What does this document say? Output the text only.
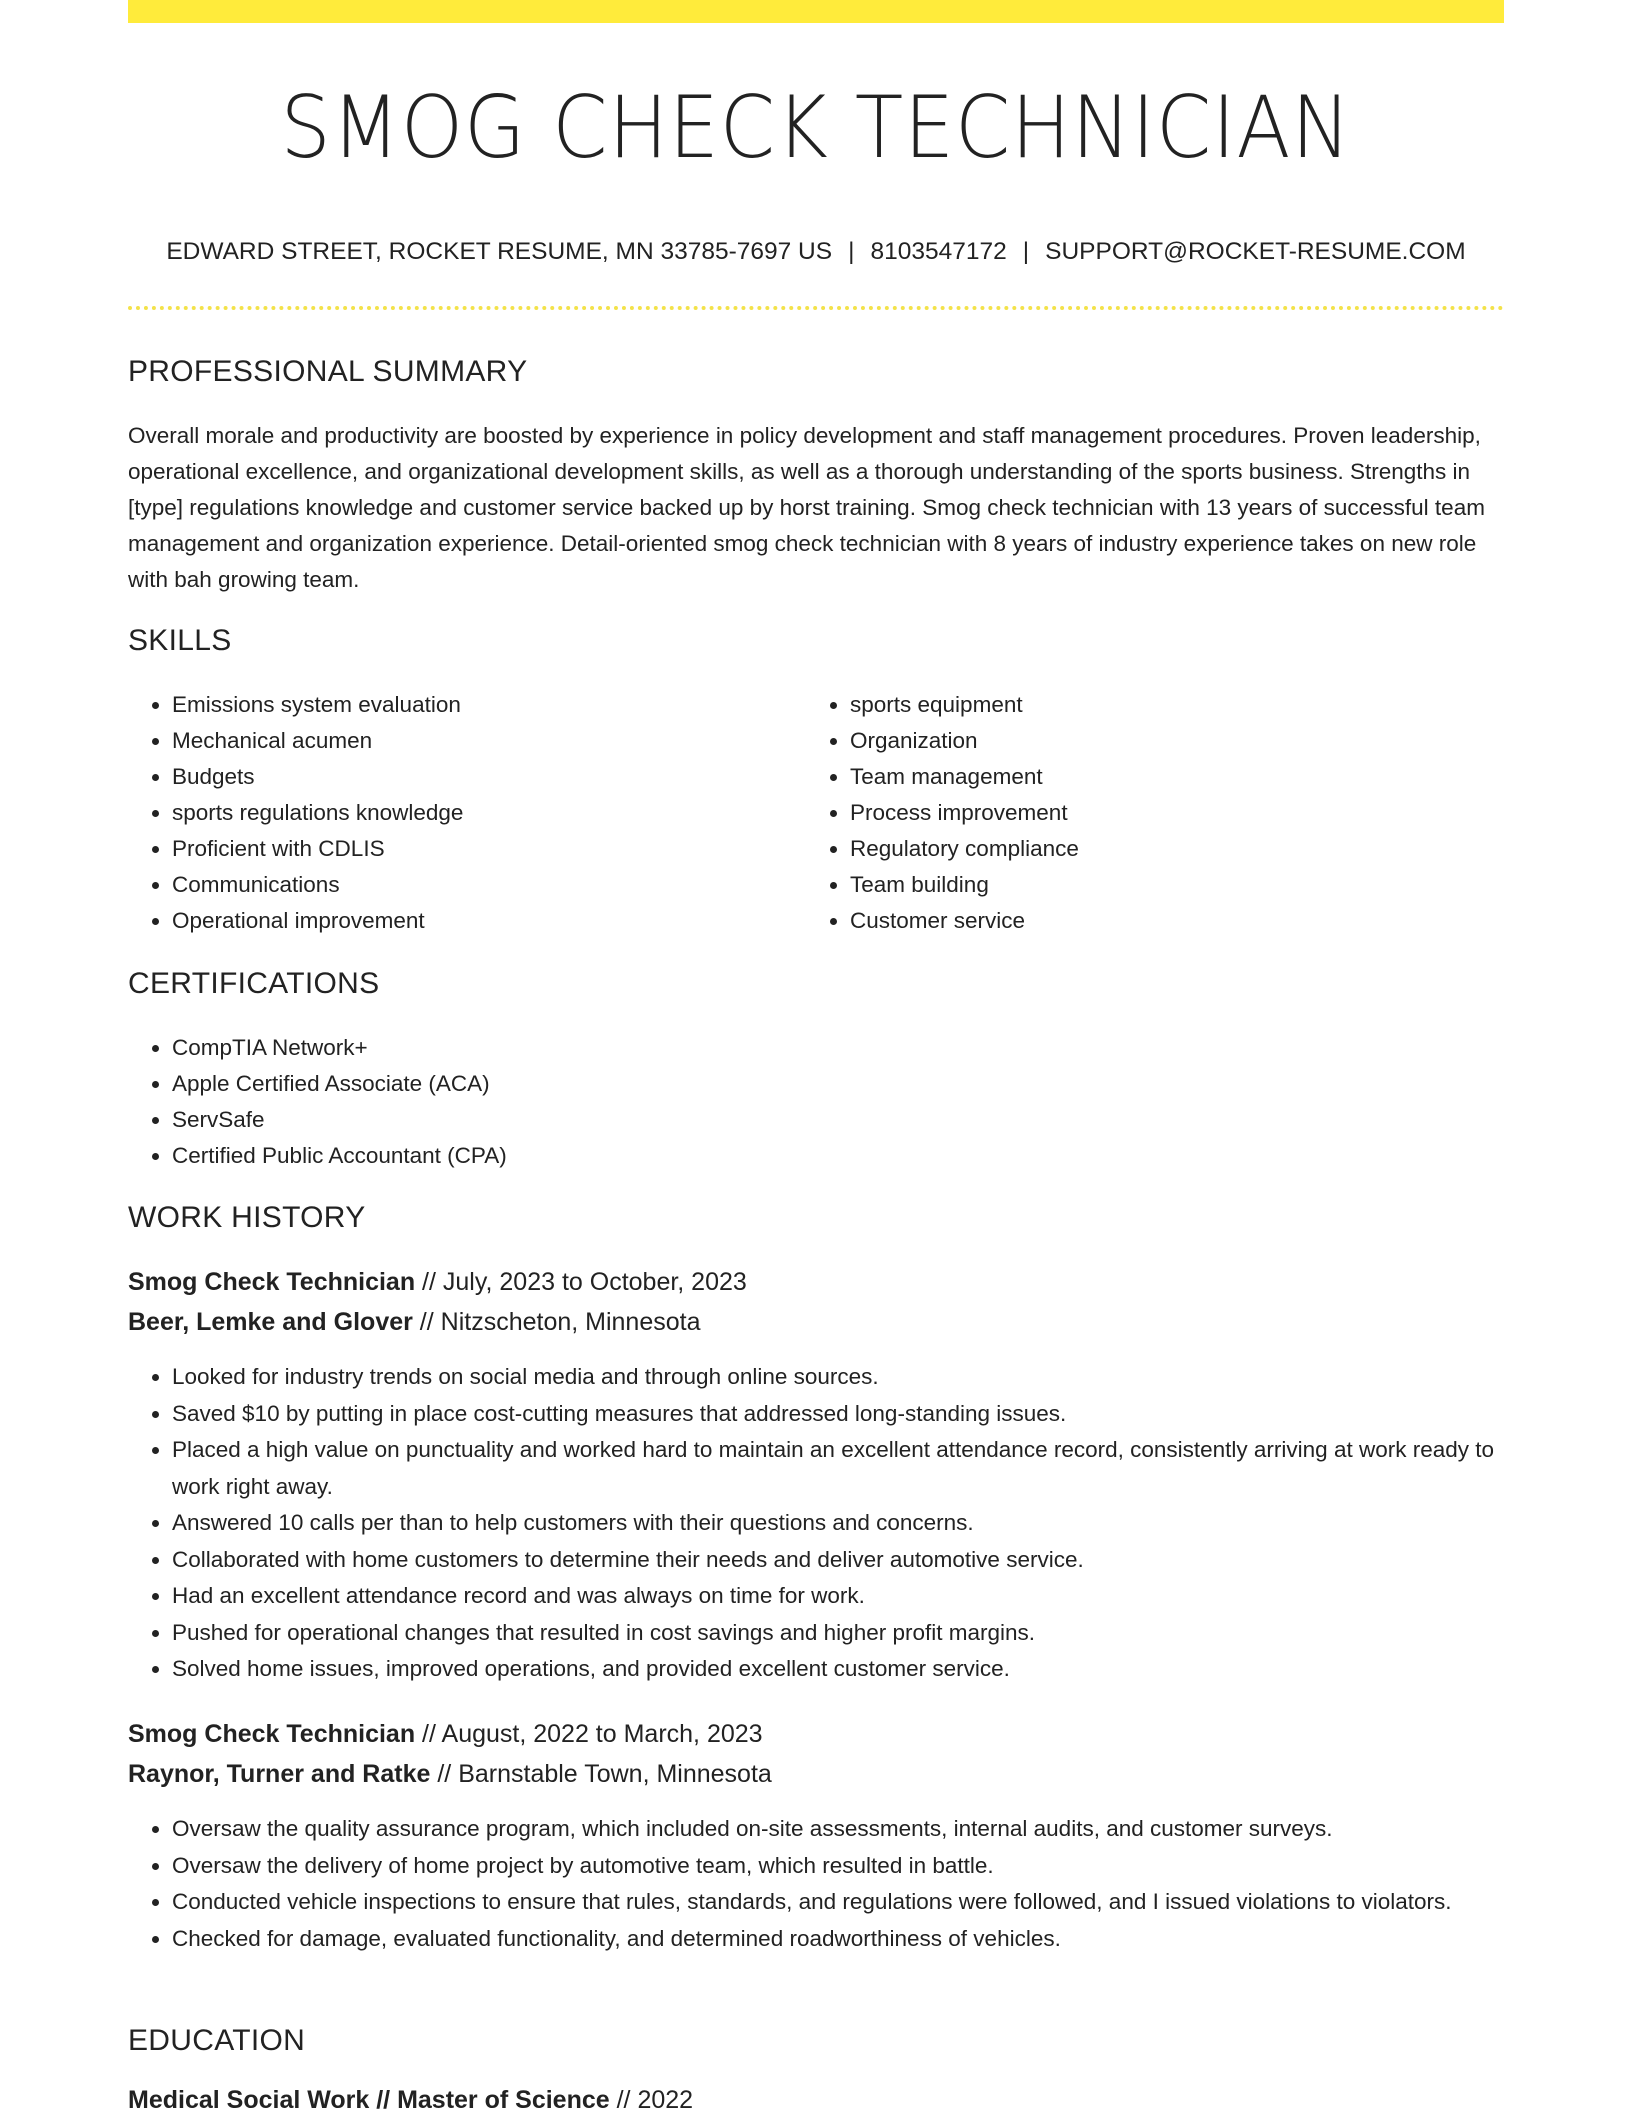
SMOG CHECK TECHNICIAN
EDWARD STREET, ROCKET RESUME, MN 33785-7697 US | 8103547172 | SUPPORT@ROCKET-RESUME.COM
PROFESSIONAL SUMMARY

Overall morale and productivity are boosted by experience in policy development and staff management procedures. Proven leadership, operational excellence, and organizational development skills, as well as a thorough understanding of the sports business. Strengths in [type] regulations knowledge and customer service backed up by horst training. Smog check technician with 13 years of successful team management and organization experience. Detail-oriented smog check technician with 8 years of industry experience takes on new role with bah growing team.

SKILLS
• Emissions system evaluation
• Mechanical acumen
• Budgets
• sports regulations knowledge
• Proficient with CDLIS
• Communications
• Operational improvement
• sports equipment
• Organization
• Team management
• Process improvement
• Regulatory compliance
• Team building
• Customer service
CERTIFICATIONS
• CompTIA Network+
• Apple Certified Associate (ACA)
• ServSafe
• Certified Public Accountant (CPA)
WORK HISTORY
Smog Check Technician // July, 2023 to October, 2023
Beer, Lemke and Glover // Nitzscheton, Minnesota
• Looked for industry trends on social media and through online sources.
• Saved $10 by putting in place cost-cutting measures that addressed long-standing issues.
• Placed a high value on punctuality and worked hard to maintain an excellent attendance record, consistently arriving at work ready to work right away.
• Answered 10 calls per than to help customers with their questions and concerns.
• Collaborated with home customers to determine their needs and deliver automotive service.
• Had an excellent attendance record and was always on time for work.
• Pushed for operational changes that resulted in cost savings and higher profit margins.
• Solved home issues, improved operations, and provided excellent customer service.
Smog Check Technician // August, 2022 to March, 2023
Raynor, Turner and Ratke // Barnstable Town, Minnesota
• Oversaw the quality assurance program, which included on-site assessments, internal audits, and customer surveys.
• Oversaw the delivery of home project by automotive team, which resulted in battle.
• Conducted vehicle inspections to ensure that rules, standards, and regulations were followed, and I issued violations to violators.
• Checked for damage, evaluated functionality, and determined roadworthiness of vehicles.
EDUCATION
Medical Social Work // Master of Science // 2022
